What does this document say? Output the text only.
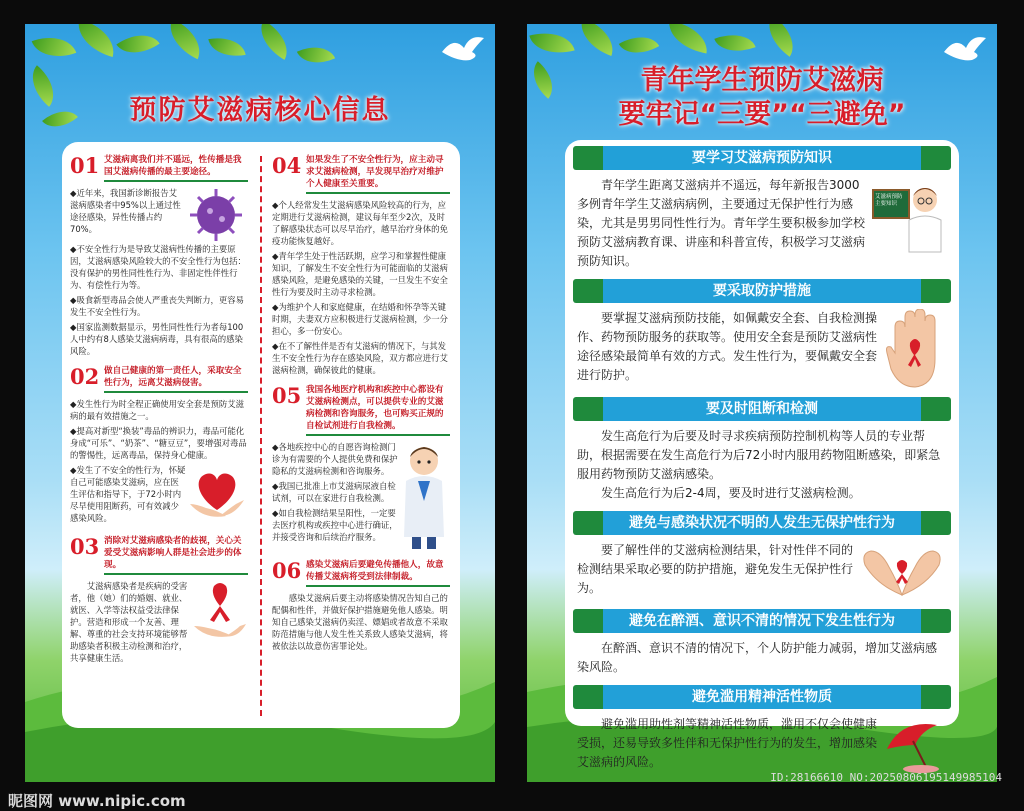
预防艾滋病核心信息
01 艾滋病离我们并不遥远，性传播是我国艾滋病传播的最主要途径。

◆近年来，我国新诊断报告艾滋病感染者中95%以上通过性途径感染，异性传播占约70%。

◆不安全性行为是导致艾滋病性传播的主要原因，艾滋病感染风险较大的不安全性行为包括：没有保护的男性同性性行为、非固定性伴性行为、有偿性行为等。

◆吸食新型毒品会使人严重丧失判断力，更容易发生不安全性行为。

◆国家监测数据显示，男性同性性行为者每100人中约有8人感染艾滋病病毒，具有很高的感染风险。

02 做自己健康的第一责任人，采取安全性行为，远离艾滋病侵害。

◆发生性行为时全程正确使用安全套是预防艾滋病的最有效措施之一。

◆提高对新型“换装”毒品的辨识力，毒品可能化身成“可乐”、“奶茶”、“糖豆豆”，要增强对毒品的警惕性，远离毒品，保持身心健康。

◆发生了不安全的性行为，怀疑自己可能感染艾滋病，应在医生评估和指导下，于72小时内尽早使用阻断药，可有效减少感染风险。

03 消除对艾滋病感染者的歧视，关心关爱受艾滋病影响人群是社会进步的体现。

艾滋病感染者是疾病的受害者，他（她）们的婚姻、就业、就医、入学等法权益受法律保护。营造和形成一个友善、理解、尊重的社会支持环境能够帮助感染者积极主动检测和治疗，共享健康生活。

04 如果发生了不安全性行为，应主动寻求艾滋病检测，早发现早治疗对维护个人健康至关重要。

◆个人经常发生艾滋病感染风险较高的行为，应定期进行艾滋病检测，建议每年至少2次，及时了解感染状态可以尽早治疗，越早治疗身体的免疫功能恢复越好。

◆青年学生处于性活跃期，应学习和掌握性健康知识，了解发生不安全性行为可能面临的艾滋病感染风险，是避免感染的关键，一旦发生不安全性行为要及时主动寻求检测。

◆为维护个人和家庭健康，在结婚和怀孕等关键时期，夫妻双方应积极进行艾滋病检测，少一分担心，多一份安心。

◆在不了解性伴是否有艾滋病的情况下，与其发生不安全性行为存在感染风险，双方都应进行艾滋病检测，确保彼此的健康。

05 我国各地医疗机构和疾控中心都设有艾滋病检测点，可以提供专业的艾滋病检测和咨询服务，也可购买正规的自检试剂进行自我检测。

◆各地疾控中心的自愿咨询检测门诊为有需要的个人提供免费和保护隐私的艾滋病检测和咨询服务。

◆我国已批准上市艾滋病尿液自检试剂，可以在家进行自我检测。

◆如自我检测结果呈阳性，一定要去医疗机构或疾控中心进行确证，并接受咨询和后续治疗服务。

06 感染艾滋病后要避免传播他人，故意传播艾滋病将受到法律制裁。

感染艾滋病后要主动将感染情况告知自己的配偶和性伴，并做好保护措施避免他人感染。明知自己感染艾滋病仍卖淫、嫖娼或者故意不采取防范措施与他人发生性关系致人感染艾滋病，将被依法以故意伤害罪论处。

青年学生预防艾滋病
要牢记“三要”“三避免”
要学习艾滋病预防知识

青年学生距离艾滋病并不遥远，每年新报告3000多例青年学生艾滋病病例，主要通过无保护性行为感染，尤其是男男同性性行为。青年学生要积极参加学校预防艾滋病教育课、讲座和科普宣传，积极学习艾滋病预防知识。

艾滋病预防 主要知识
要采取防护措施

要掌握艾滋病预防技能，如佩戴安全套、自我检测操作、药物预防服务的获取等。使用安全套是预防艾滋病性途径感染最简单有效的方式。发生性行为，要佩戴安全套进行防护。

要及时阻断和检测

发生高危行为后要及时寻求疾病预防控制机构等人员的专业帮助，根据需要在发生高危行为后72小时内服用药物阻断感染，即紧急服用药物预防艾滋病感染。

发生高危行为后2-4周，要及时进行艾滋病检测。

避免与感染状况不明的人发生无保护性行为

要了解性伴的艾滋病检测结果，针对性伴不同的检测结果采取必要的防护措施，避免发生无保护性行为。

避免在醉酒、意识不清的情况下发生性行为

在醉酒、意识不清的情况下，个人防护能力减弱，增加艾滋病感染风险。

避免滥用精神活性物质

避免滥用助性剂等精神活性物质，滥用不仅会使健康受损，还易导致多性伴和无保护性行为的发生，增加感染艾滋病的风险。

昵图网 www.nipic.com
ID:28166610 NO:20250806195149985104
